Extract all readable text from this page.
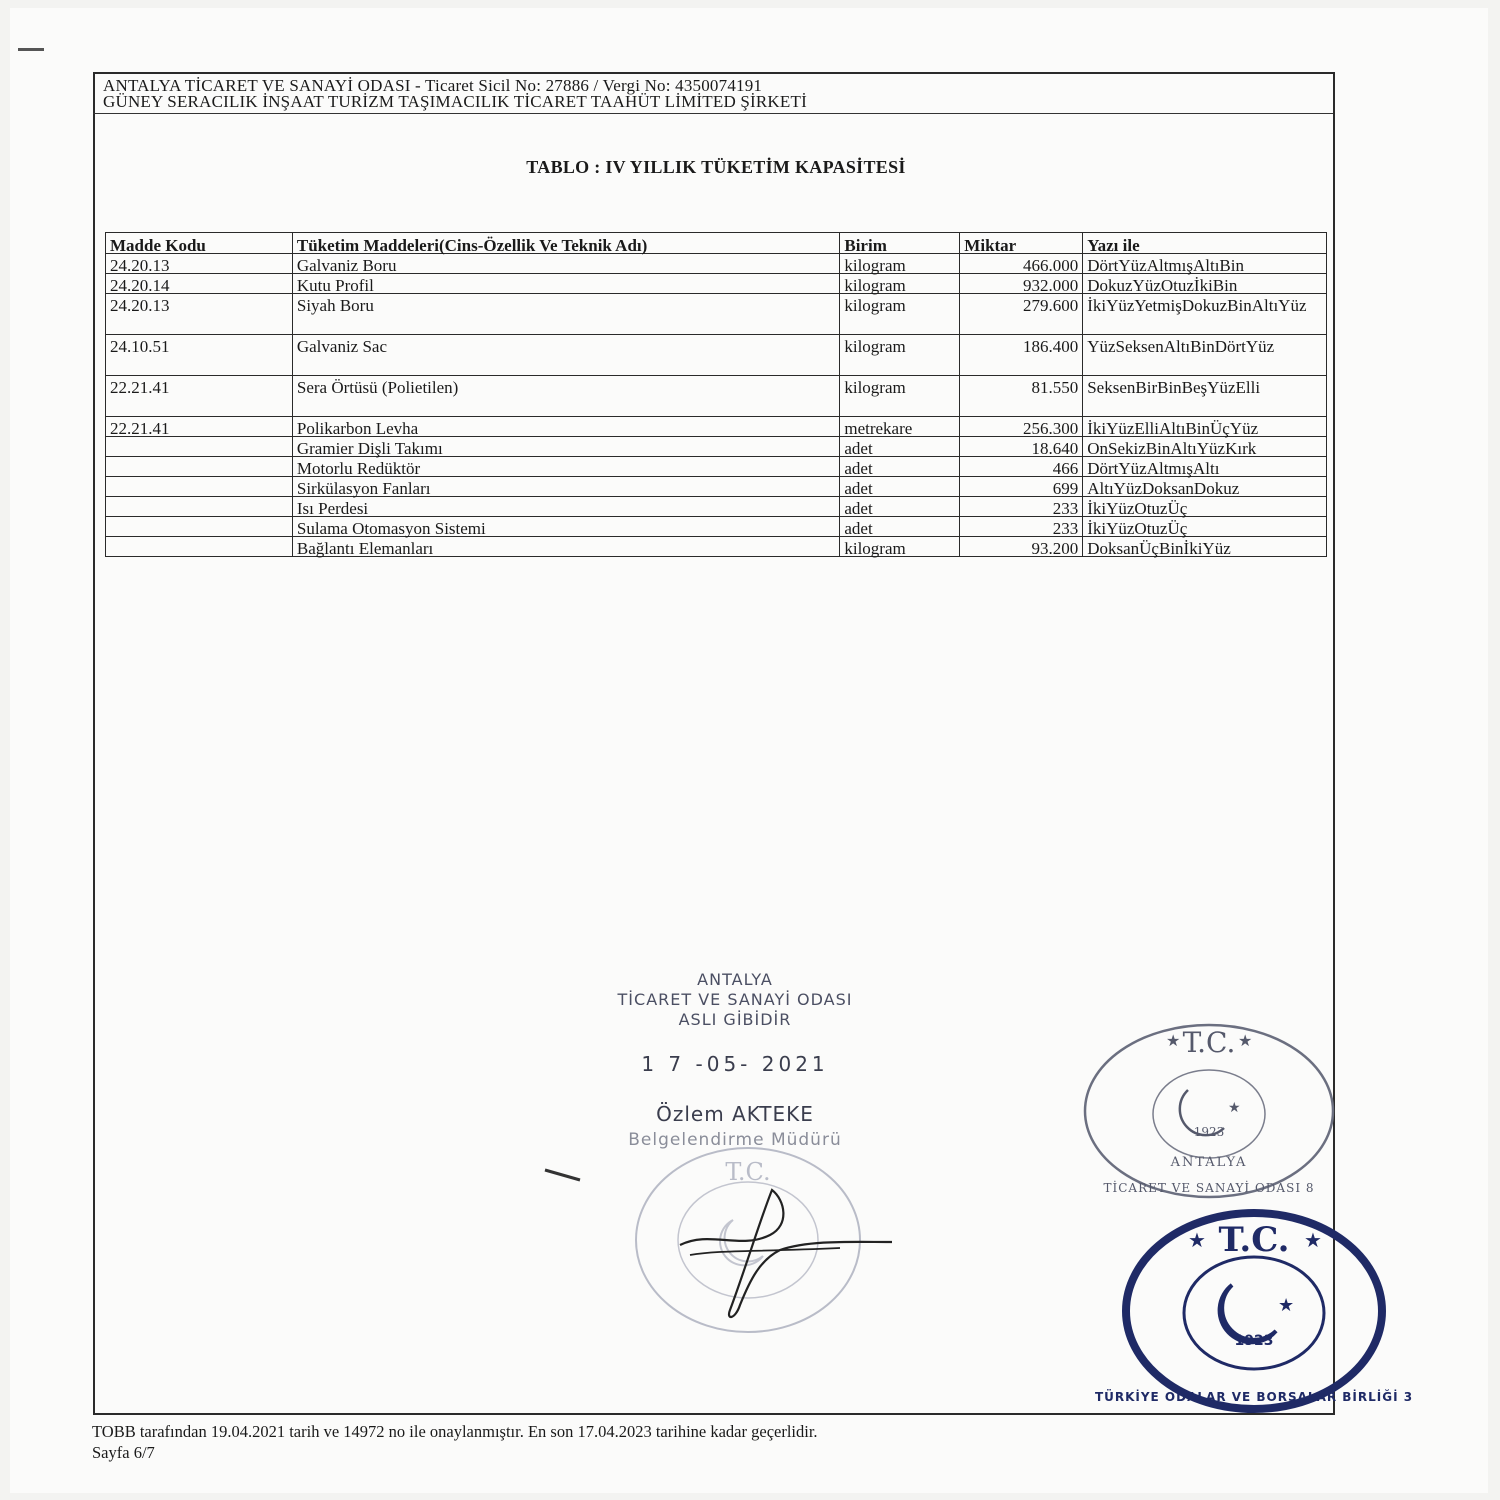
ANTALYA TİCARET VE SANAYİ ODASI - Ticaret Sicil No: 27886 / Vergi No: 4350074191
GÜNEY SERACILIK İNŞAAT TURİZM TAŞIMACILIK TİCARET TAAHÜT LİMİTED ŞİRKETİ
TABLO : IV YILLIK TÜKETİM KAPASİTESİ
Madde Kodu	Tüketim Maddeleri(Cins-Özellik Ve Teknik Adı)	Birim	Miktar	Yazı ile
24.20.13	Galvaniz Boru	kilogram	466.000	DörtYüzAltmışAltıBin
24.20.14	Kutu Profil	kilogram	932.000	DokuzYüzOtuzİkiBin
24.20.13	Siyah Boru	kilogram	279.600	İkiYüzYetmişDokuzBinAltıYüz
24.10.51	Galvaniz Sac	kilogram	186.400	YüzSeksenAltıBinDörtYüz
22.21.41	Sera Örtüsü (Polietilen)	kilogram	81.550	SeksenBirBinBeşYüzElli
22.21.41	Polikarbon Levha	metrekare	256.300	İkiYüzElliAltıBinÜçYüz
	Gramier Dişli Takımı	adet	18.640	OnSekizBinAltıYüzKırk
	Motorlu Redüktör	adet	466	DörtYüzAltmışAltı
	Sirkülasyon Fanları	adet	699	AltıYüzDoksanDokuz
	Isı Perdesi	adet	233	İkiYüzOtuzÜç
	Sulama Otomasyon Sistemi	adet	233	İkiYüzOtuzÜç
	Bağlantı Elemanları	kilogram	93.200	DoksanÜçBinİkiYüz
ANTALYA
TİCARET VE SANAYİ ODASI
ASLI GİBİDİR
1 7 -05- 2021
Özlem AKTEKE
Belgelendirme Müdürü
T.C.
T.C.
★	★
★
1923
ANTALYA
TİCARET VE SANAYİ ODASI 8
T.C.
★	★
★
1923
TÜRKİYE ODALAR VE BORSALAR BİRLİĞİ 3
TOBB tarafından 19.04.2021 tarih ve 14972 no ile onaylanmıştır. En son 17.04.2023 tarihine kadar geçerlidir.
Sayfa 6/7
